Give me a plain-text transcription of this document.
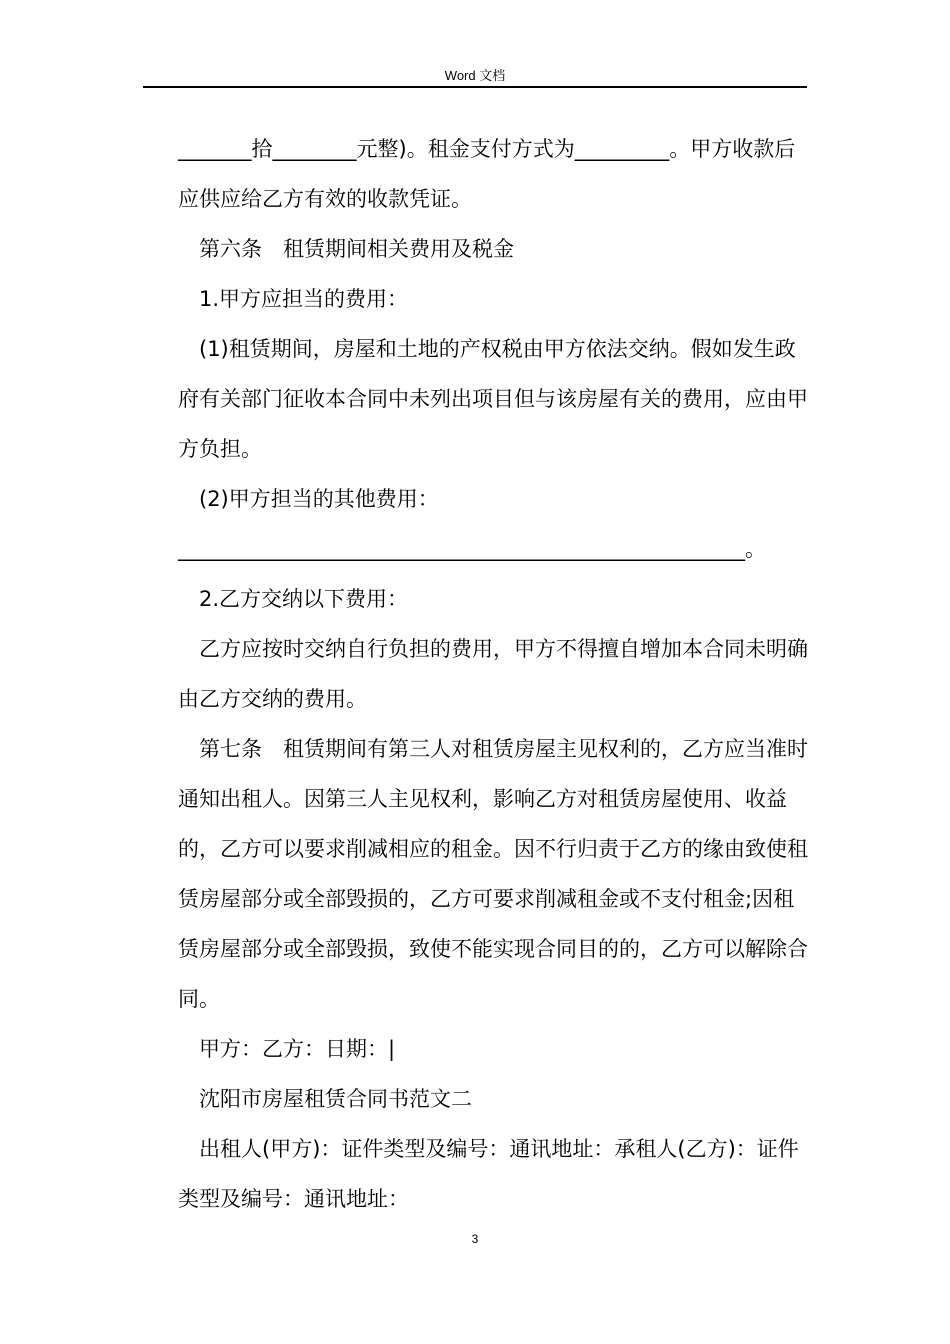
Word 文档

_______拾________元整)。租金支付方式为_________。甲方收款后应供应给乙方有效的收款凭证。

第六条　租赁期间相关费用及税金

1.甲方应担当的费用：

(1)租赁期间，房屋和土地的产权税由甲方依法交纳。假如发生政府有关部门征收本合同中未列出项目但与该房屋有关的费用，应由甲方负担。

(2)甲方担当的其他费用：______________________________________________________。

2.乙方交纳以下费用：

乙方应按时交纳自行负担的费用，甲方不得擅自增加本合同未明确由乙方交纳的费用。

第七条　租赁期间有第三人对租赁房屋主见权利的，乙方应当准时通知出租人。因第三人主见权利，影响乙方对租赁房屋使用、收益的，乙方可以要求削减相应的租金。因不行归责于乙方的缘由致使租赁房屋部分或全部毁损的，乙方可要求削减租金或不支付租金;因租赁房屋部分或全部毁损，致使不能实现合同目的的，乙方可以解除合同。

甲方：乙方：日期：|

沈阳市房屋租赁合同书范文二

出租人(甲方)：证件类型及编号：通讯地址：承租人(乙方)：证件类型及编号：通讯地址：

3
